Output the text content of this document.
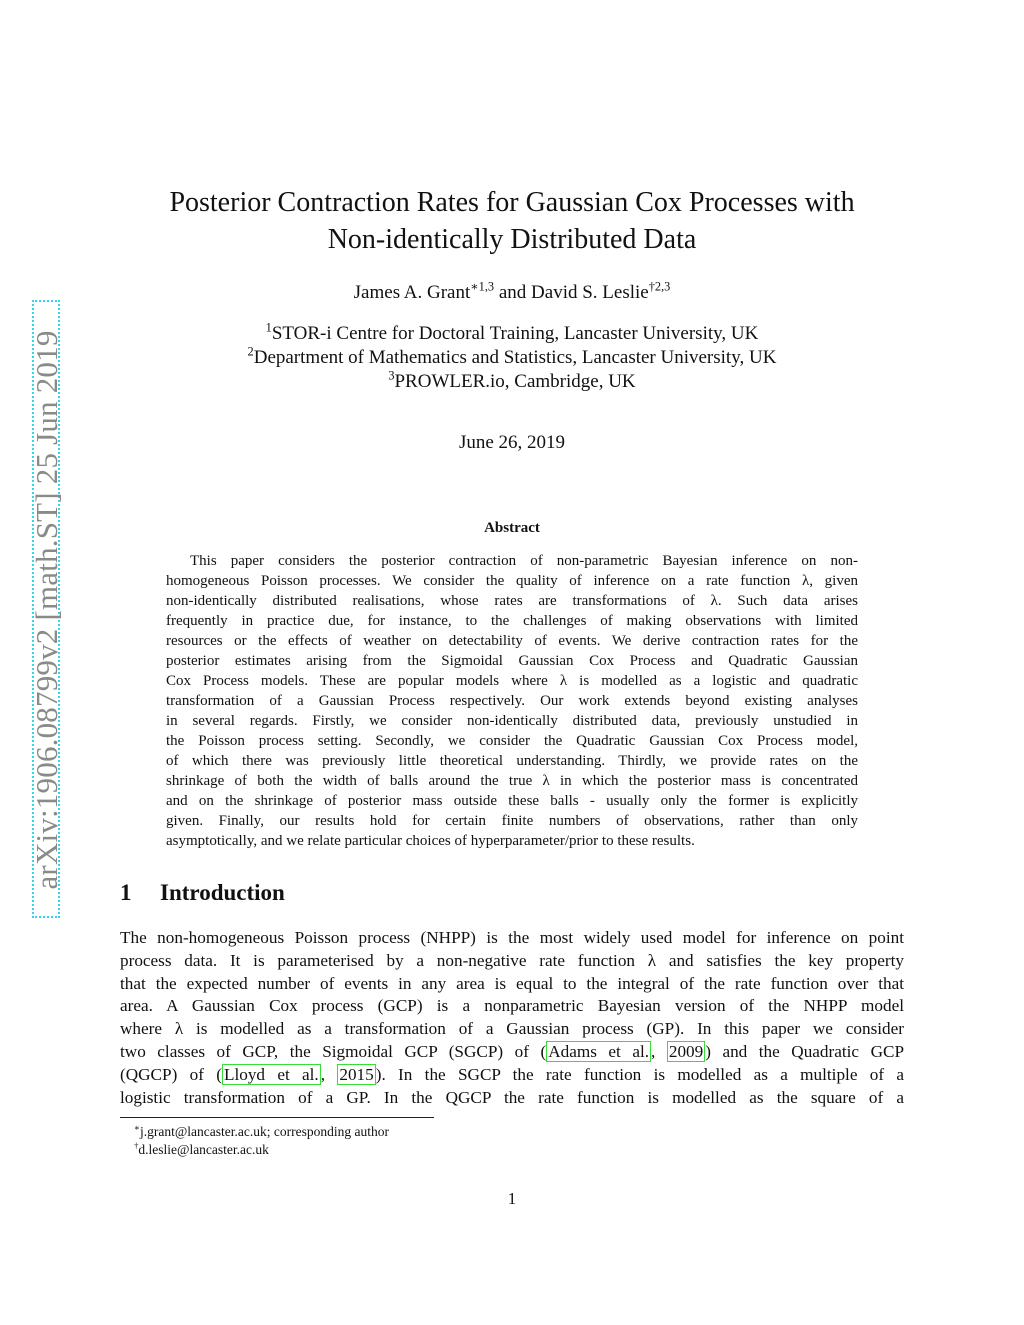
arXiv:1906.08799v2 [math.ST] 25 Jun 2019
Posterior Contraction Rates for Gaussian Cox Processes with
Non-identically Distributed Data
James A. Grant$^{∗1,3}$ and David S. Leslie$^{\dagger 2,3}$
$^1$STOR-i Centre for Doctoral Training, Lancaster University, UK
$^2$Department of Mathematics and Statistics, Lancaster University, UK
$^3$PROWLER.io, Cambridge, UK
June 26, 2019
Abstract
This paper considers the posterior contraction of non-parametric Bayesian inference on non-
homogeneous Poisson processes. We consider the quality of inference on a rate function λ, given
non-identically distributed realisations, whose rates are transformations of λ. Such data arises
frequently in practice due, for instance, to the challenges of making observations with limited
resources or the effects of weather on detectability of events. We derive contraction rates for the
posterior estimates arising from the Sigmoidal Gaussian Cox Process and Quadratic Gaussian
Cox Process models. These are popular models where λ is modelled as a logistic and quadratic
transformation of a Gaussian Process respectively. Our work extends beyond existing analyses
in several regards. Firstly, we consider non-identically distributed data, previously unstudied in
the Poisson process setting. Secondly, we consider the Quadratic Gaussian Cox Process model,
of which there was previously little theoretical understanding. Thirdly, we provide rates on the
shrinkage of both the width of balls around the true λ in which the posterior mass is concentrated
and on the shrinkage of posterior mass outside these balls - usually only the former is explicitly
given. Finally, our results hold for certain finite numbers of observations, rather than only
asymptotically, and we relate particular choices of hyperparameter/prior to these results.
1 Introduction
The non-homogeneous Poisson process (NHPP) is the most widely used model for inference on point
process data. It is parameterised by a non-negative rate function λ and satisfies the key property
that the expected number of events in any area is equal to the integral of the rate function over that
area. A Gaussian Cox process (GCP) is a nonparametric Bayesian version of the NHPP model
where λ is modelled as a transformation of a Gaussian process (GP). In this paper we consider
two classes of GCP, the Sigmoidal GCP (SGCP) of ( Adams et al. , 2009 ) and the Quadratic GCP
(QGCP) of ( Lloyd et al. , 2015 ). In the SGCP the rate function is modelled as a multiple of a
logistic transformation of a GP. In the QGCP the rate function is modelled as the square of a
∗j.grant@lancaster.ac.uk; corresponding author
†d.leslie@lancaster.ac.uk
1
